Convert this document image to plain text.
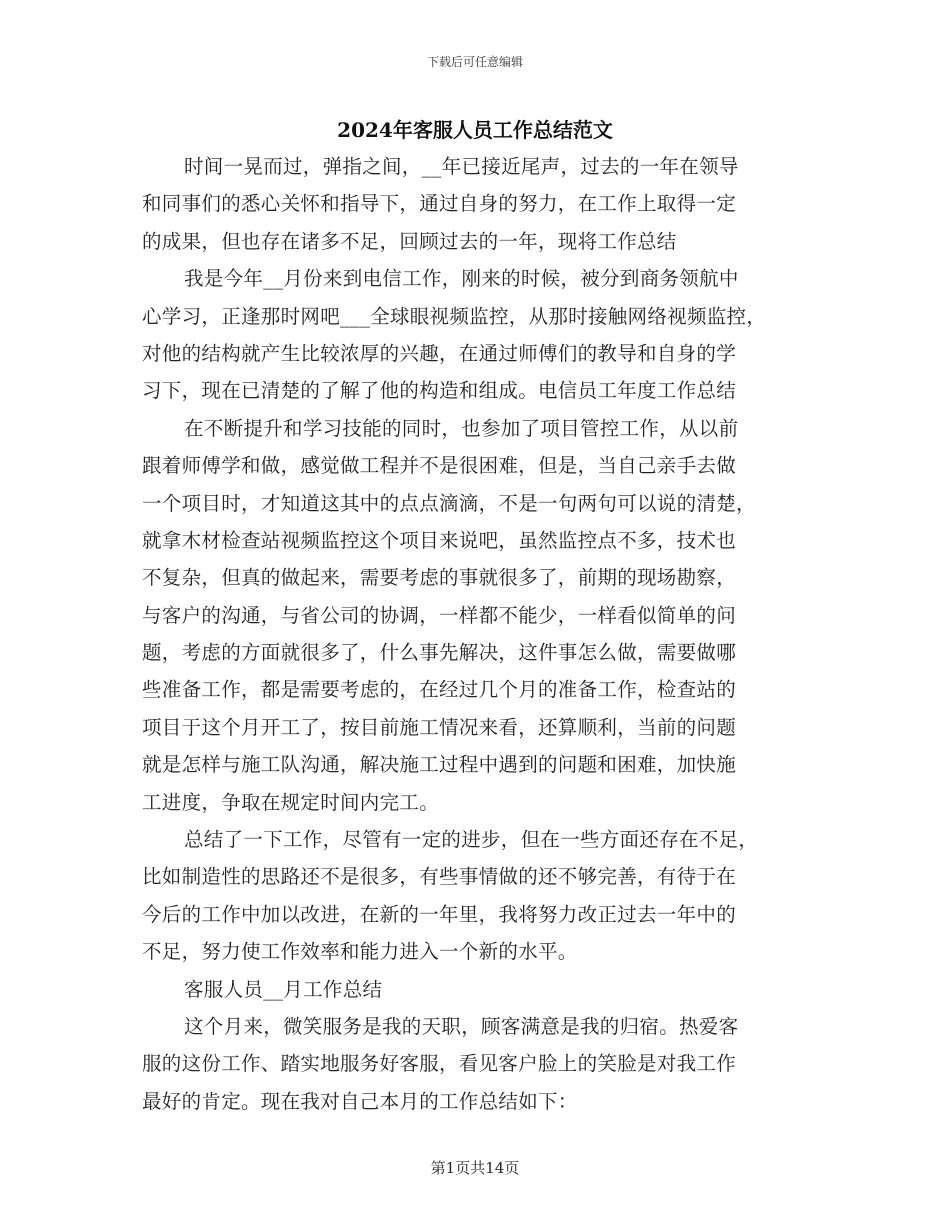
下载后可任意编辑
2024年客服人员工作总结范文
时间一晃而过，弹指之间，__年已接近尾声，过去的一年在领导
和同事们的悉心关怀和指导下，通过自身的努力，在工作上取得一定
的成果，但也存在诸多不足，回顾过去的一年，现将工作总结
我是今年__月份来到电信工作，刚来的时候，被分到商务领航中
心学习，正逢那时网吧___全球眼视频监控，从那时接触网络视频监控，
对他的结构就产生比较浓厚的兴趣，在通过师傅们的教导和自身的学
习下，现在已清楚的了解了他的构造和组成。电信员工年度工作总结
在不断提升和学习技能的同时，也参加了项目管控工作，从以前
跟着师傅学和做，感觉做工程并不是很困难，但是，当自己亲手去做
一个项目时，才知道这其中的点点滴滴，不是一句两句可以说的清楚，
就拿木材检查站视频监控这个项目来说吧，虽然监控点不多，技术也
不复杂，但真的做起来，需要考虑的事就很多了，前期的现场勘察，
与客户的沟通，与省公司的协调，一样都不能少，一样看似简单的问
题，考虑的方面就很多了，什么事先解决，这件事怎么做，需要做哪
些准备工作，都是需要考虑的，在经过几个月的准备工作，检查站的
项目于这个月开工了，按目前施工情况来看，还算顺利，当前的问题
就是怎样与施工队沟通，解决施工过程中遇到的问题和困难，加快施
工进度，争取在规定时间内完工。
总结了一下工作，尽管有一定的进步，但在一些方面还存在不足，
比如制造性的思路还不是很多，有些事情做的还不够完善，有待于在
今后的工作中加以改进，在新的一年里，我将努力改正过去一年中的
不足，努力使工作效率和能力进入一个新的水平。
客服人员__月工作总结
这个月来，微笑服务是我的天职，顾客满意是我的归宿。热爱客
服的这份工作、踏实地服务好客服，看见客户脸上的笑脸是对我工作
最好的肯定。现在我对自己本月的工作总结如下：
第1页共14页
